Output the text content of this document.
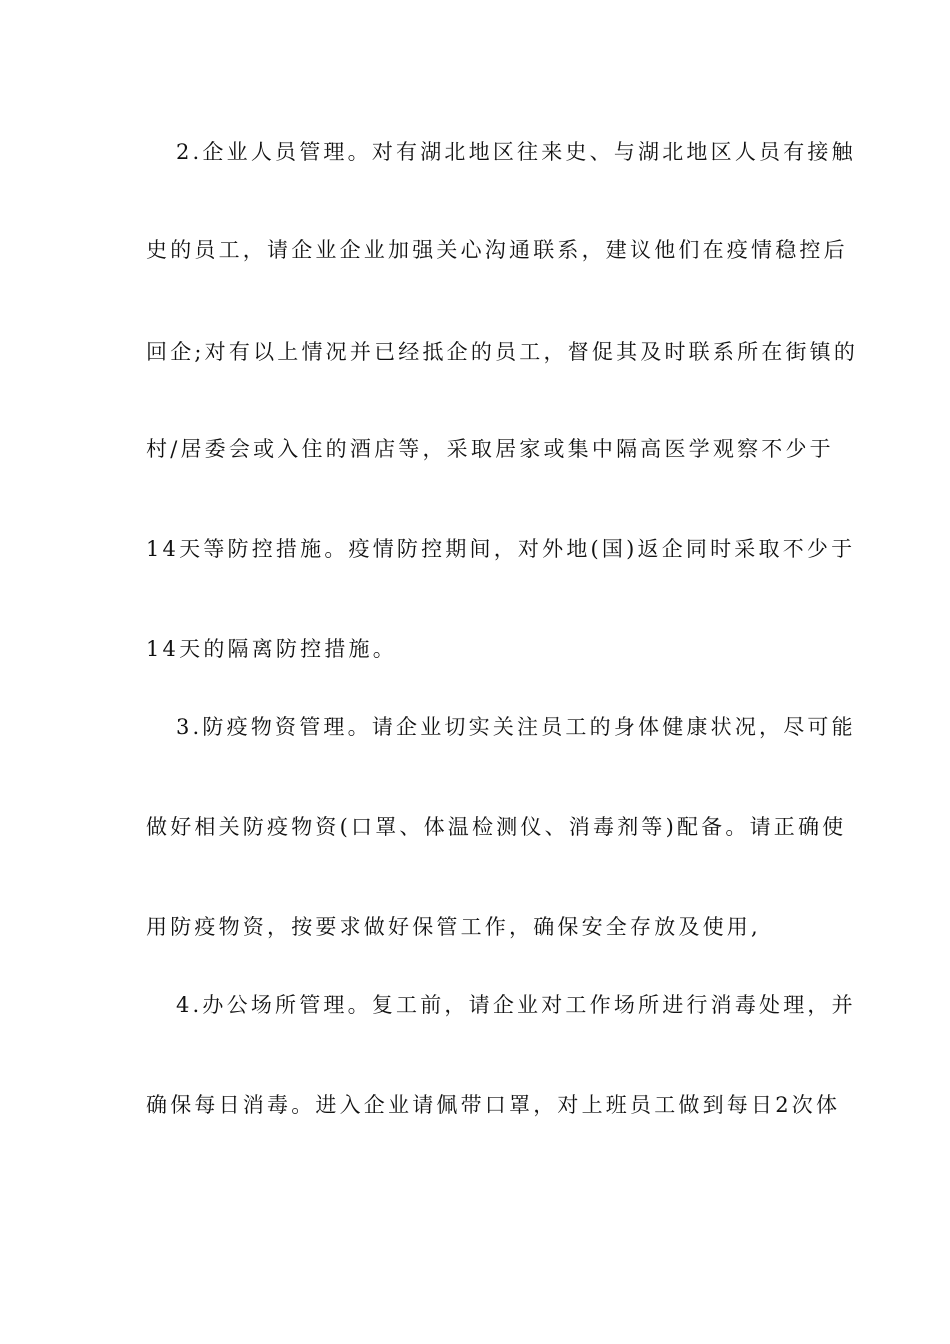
2.企业人员管理。对有湖北地区往来史、与湖北地区人员有接触
史的员工，请企业企业加强关心沟通联系，建议他们在疫情稳控后
回企;对有以上情况并已经抵企的员工，督促其及时联系所在街镇的
村/居委会或入住的酒店等，采取居家或集中隔高医学观察不少于
14天等防控措施。疫情防控期间，对外地(国)返企同时采取不少于
14天的隔离防控措施。
3.防疫物资管理。请企业切实关注员工的身体健康状况，尽可能
做好相关防疫物资(口罩、体温检测仪、消毒剂等)配备。请正确使
用防疫物资，按要求做好保管工作，确保安全存放及使用,
4.办公场所管理。复工前，请企业对工作场所进行消毒处理，并
确保每日消毒。进入企业请佩带口罩，对上班员工做到每日2次体
